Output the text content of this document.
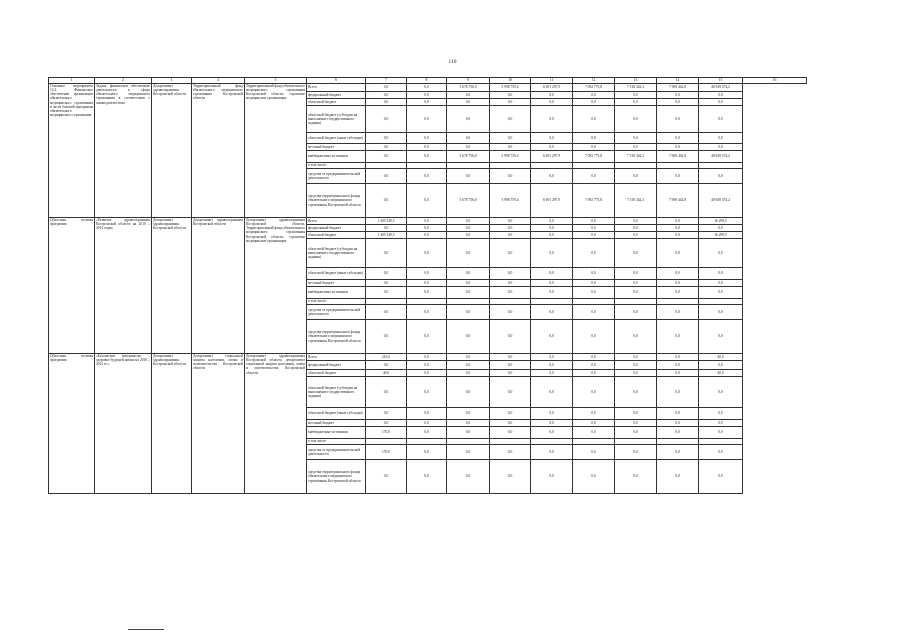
110
1	2	3	4	5	6	7	8	9	10	11	12	13	14	15	16
Основное мероприятие 14.2. Финансовое обеспечение организации обязательного медицинского страхования в части базовой программы обязательного медицинского страхования	Задача: финансовое обеспечение деятельности в сфере обязательного медицинского страхования в соответствии с законодательством	Департамент здравоохранения Костромской области	Территориальный фонд обязательного медицинского страхования Костромской области	Территориальный фонд обязательного медицинского страхования Костромской области, страховые медицинские организации	Всего	0,0	0,0	5 678 756,0	5 998 759,4	6 691 297,9	7 092 775,8	7 518 342,3	7 969 442,8	40 949 374,2	
					федеральный бюджет	0,0	0,0	0,0	0,0	0,0	0,0	0,0	0,0	0,0	
					областной бюджет	0,0	0,0	0,0	0,0	0,0	0,0	0,0	0,0	0,0	
					областной бюджет (субсидии на выполнение государственного задания)	0,0	0,0	0,0	0,0	0,0	0,0	0,0	0,0	0,0	
					областной бюджет (иные субсидии)	0,0	0,0	0,0	0,0	0,0	0,0	0,0	0,0	0,0	
					местный бюджет	0,0	0,0	0,0	0,0	0,0	0,0	0,0	0,0	0,0	
					внебюджетные источники	0,0	0,0	5 678 756,0	5 998 759,4	6 691 297,9	7 092 775,8	7 518 342,3	7 969 442,8	40 949 374,2	
					в том числе:										
					средства от предпринимательской деятельности	0,0	0,0	0,0	0,0	0,0	0,0	0,0	0,0	0,0	
					средства территориального фонда обязательного медицинского страхования Костромской области	0,0	0,0	5 678 756,0	5 998 759,4	6 691 297,9	7 092 775,8	7 518 342,3	7 969 442,8	40 949 374,2	
Областная целевая программа	«Развитие здравоохранения Костромской области на 2010 – 2014 годы»	Департамент здравоохранения Костромской области	Департамент здравоохранения Костромской области	Департамент здравоохранения Костромской области, Территориальный фонд обязательного медицинского страхования Костромской области, страховые медицинские организации	Всего	1 405 549,5	0,0	0,0	0,0	0,0	0,0	0,0	0,0	16 299,5	
					федеральный бюджет	0,0	0,0	0,0	0,0	0,0	0,0	0,0	0,0	0,0	
					областной бюджет	1 405 549,5	0,0	0,0	0,0	0,0	0,0	0,0	0,0	16 299,5	
					областной бюджет (субсидии на выполнение государственного задания)	0,0	0,0	0,0	0,0	0,0	0,0	0,0	0,0	0,0	
					областной бюджет (иные субсидии)	0,0	0,0	0,0	0,0	0,0	0,0	0,0	0,0	0,0	
					местный бюджет	0,0	0,0	0,0	0,0	0,0	0,0	0,0	0,0	0,0	
					внебюджетные источники	0,0	0,0	0,0	0,0	0,0	0,0	0,0	0,0	0,0	
					в том числе:										
					средства от предпринимательской деятельности	0,0	0,0	0,0	0,0	0,0	0,0	0,0	0,0	0,0	
					средства территориального фонда обязательного медицинского страхования Костромской области	0,0	0,0	0,0	0,0	0,0	0,0	0,0	0,0	0,0	
Областная целевая программа	«Безопасное материнство – здоровье будущей жизни на 2010 – 2012 гг.»	Департамент здравоохранения Костромской области	Департамент социальной защиты населения, опеки и попечительства Костромской области	Департамент здравоохранения Костромской области, департамент социальной защиты населения, опеки и попечительства Костромской области	Всего	210,0	0,0	0,0	0,0	0,0	0,0	0,0	0,0	40,0	
					федеральный бюджет	0,0	0,0	0,0	0,0	0,0	0,0	0,0	0,0	0,0	
					областной бюджет	40,0	0,0	0,0	0,0	0,0	0,0	0,0	0,0	40,0	
					областной бюджет (субсидии на выполнение государственного задания)	0,0	0,0	0,0	0,0	0,0	0,0	0,0	0,0	0,0	
					областной бюджет (иные субсидии)	0,0	0,0	0,0	0,0	0,0	0,0	0,0	0,0	0,0	
					местный бюджет	0,0	0,0	0,0	0,0	0,0	0,0	0,0	0,0	0,0	
					внебюджетные источники	170,0	0,0	0,0	0,0	0,0	0,0	0,0	0,0	0,0	
					в том числе:										
					средства от предпринимательской деятельности	170,0	0,0	0,0	0,0	0,0	0,0	0,0	0,0	0,0	
					средства территориального фонда обязательного медицинского страхования Костромской области	0,0	0,0	0,0	0,0	0,0	0,0	0,0	0,0	0,0	
